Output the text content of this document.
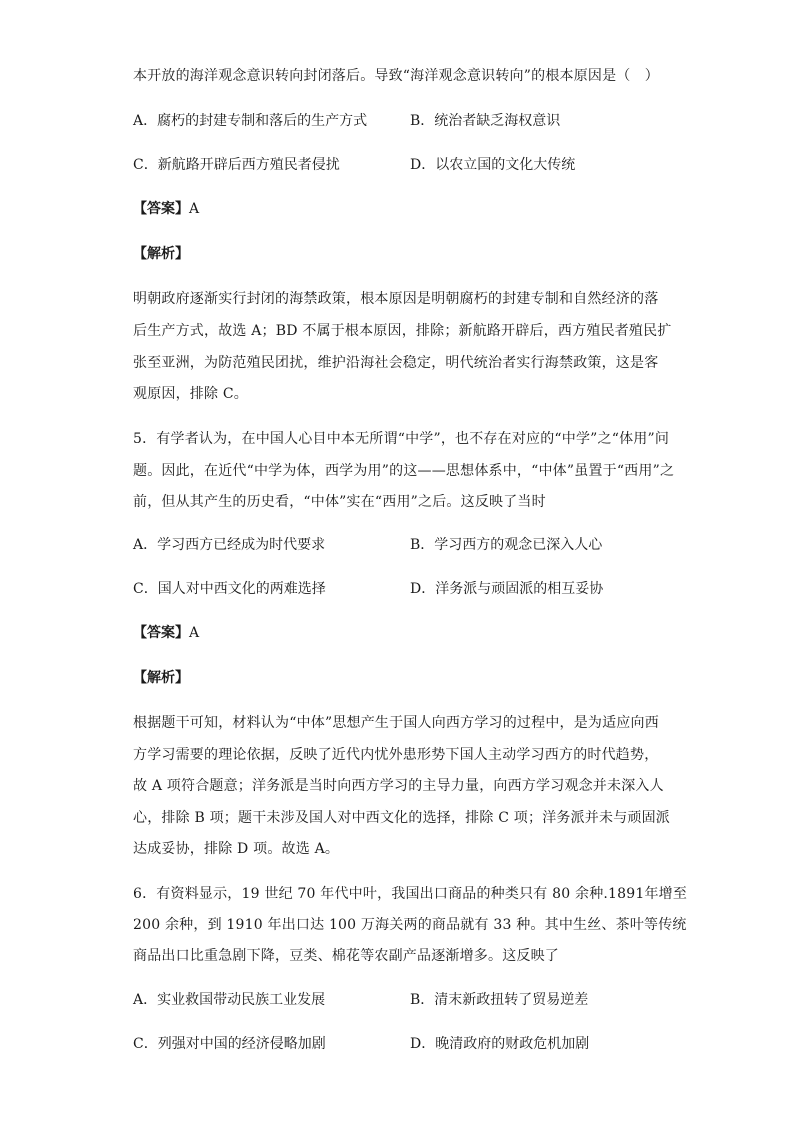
本开放的海洋观念意识转向封闭落后。导致“海洋观念意识转向”的根本原因是（　）
A．腐朽的封建专制和落后的生产方式	B．统治者缺乏海权意识
C．新航路开辟后西方殖民者侵扰	D．以农立国的文化大传统
【答案】A
【解析】
明朝政府逐渐实行封闭的海禁政策，根本原因是明朝腐朽的封建专制和自然经济的落
后生产方式，故选 A；BD 不属于根本原因，排除；新航路开辟后，西方殖民者殖民扩
张至亚洲，为防范殖民团扰，维护沿海社会稳定，明代统治者实行海禁政策，这是客
观原因，排除 C。
5．有学者认为，在中国人心目中本无所谓“中学”，也不存在对应的“中学”之“体用”问
题。因此，在近代“中学为体，西学为用”的这——思想体系中，“中体”虽置于“西用”之
前，但从其产生的历史看，“中体”实在“西用”之后。这反映了当时
A．学习西方已经成为时代要求	B．学习西方的观念已深入人心
C．国人对中西文化的两难选择	D．洋务派与顽固派的相互妥协
【答案】A
【解析】
根据题干可知，材料认为“中体”思想产生于国人向西方学习的过程中，是为适应向西
方学习需要的理论依据，反映了近代内忧外患形势下国人主动学习西方的时代趋势，
故 A 项符合题意；洋务派是当时向西方学习的主导力量，向西方学习观念并未深入人
心，排除 B 项；题干未涉及国人对中西文化的选择，排除 C 项；洋务派并未与顽固派
达成妥协，排除 D 项。故选 A。
6．有资料显示，19 世纪 70 年代中叶，我国出口商品的种类只有 80 余种.1891年增至
200 余种，到 1910 年出口达 100 万海关两的商品就有 33 种。其中生丝、茶叶等传统
商品出口比重急剧下降，豆类、棉花等农副产品逐渐增多。这反映了
A．实业救国带动民族工业发展	B．清末新政扭转了贸易逆差
C．列强对中国的经济侵略加剧	D．晚清政府的财政危机加剧
